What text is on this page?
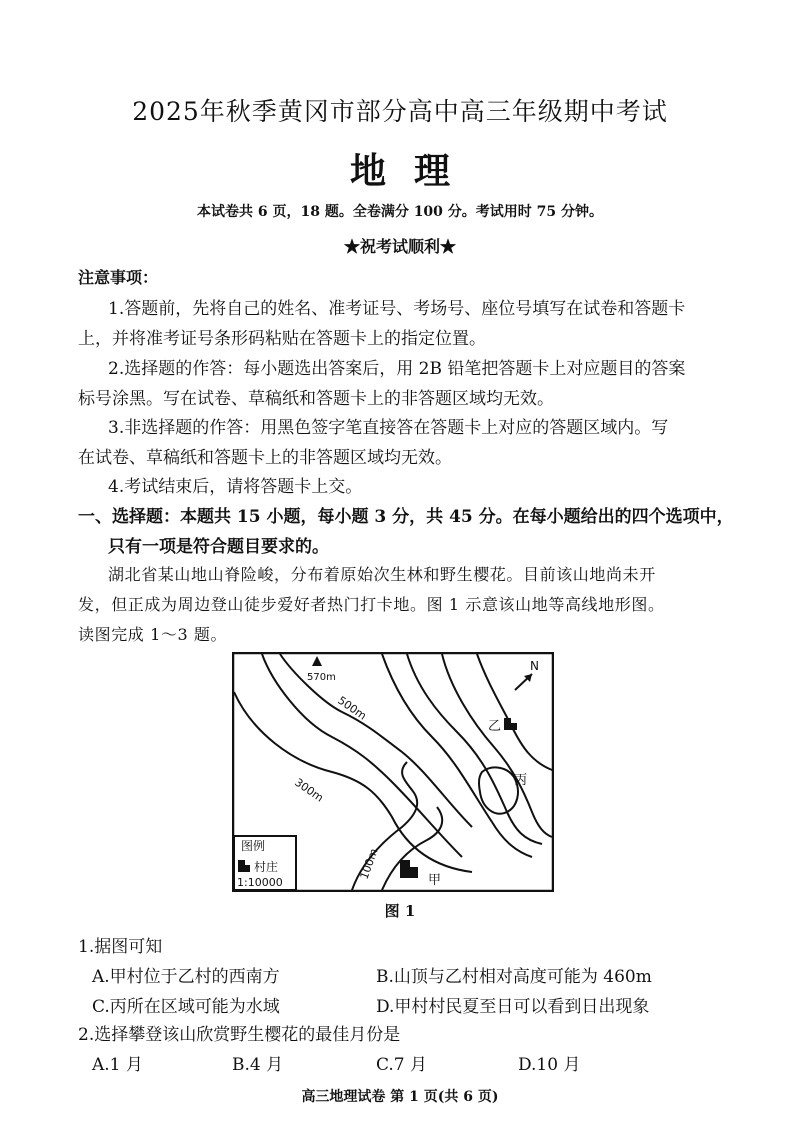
2025年秋季黄冈市部分高中高三年级期中考试
地理
本试卷共 6 页，18 题。全卷满分 100 分。考试用时 75 分钟。
★祝考试顺利★
注意事项：
1.答题前，先将自己的姓名、准考证号、考场号、座位号填写在试卷和答题卡
上，并将准考证号条形码粘贴在答题卡上的指定位置。
2.选择题的作答：每小题选出答案后，用 2B 铅笔把答题卡上对应题目的答案
标号涂黑。写在试卷、草稿纸和答题卡上的非答题区域均无效。
3.非选择题的作答：用黑色签字笔直接答在答题卡上对应的答题区域内。写
在试卷、草稿纸和答题卡上的非答题区域均无效。
4.考试结束后，请将答题卡上交。
一、选择题：本题共 15 小题，每小题 3 分，共 45 分。在每小题给出的四个选项中，
只有一项是符合题目要求的。
湖北省某山地山脊险峻，分布着原始次生林和野生樱花。目前该山地尚未开
发，但正成为周边登山徒步爱好者热门打卡地。图 1 示意该山地等高线地形图。
读图完成 1～3 题。
570m
500m
300m
100m
N
乙
丙
甲
图例
村庄
1:10000
图 1
1.据图可知
A.甲村位于乙村的西南方	B.山顶与乙村相对高度可能为 460m
C.丙所在区域可能为水域	D.甲村村民夏至日可以看到日出现象
2.选择攀登该山欣赏野生樱花的最佳月份是
A.1 月	B.4 月	C.7 月	D.10 月
高三地理试卷 第 1 页(共 6 页)
